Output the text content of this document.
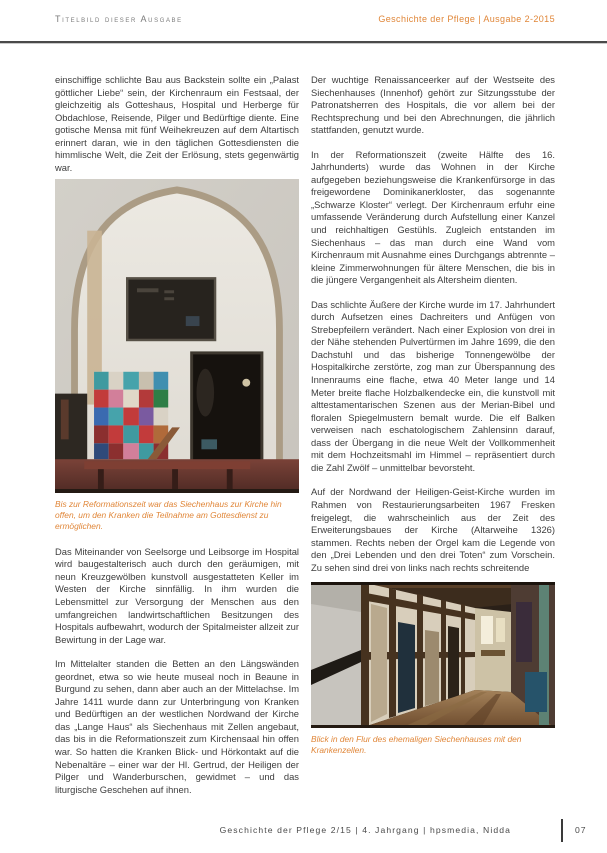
Titelbild dieser Ausgabe	Geschichte der Pflege | Ausgabe 2-2015

einschiffige schlichte Bau aus Backstein sollte ein „Palast göttlicher Liebe“ sein, der Kirchenraum ein Festsaal, der gleichzeitig als Gotteshaus, Hospital und Herberge für Obdachlose, Reisende, Pilger und Bedürftige diente. Eine gotische Mensa mit fünf Weihekreuzen auf dem Altartisch erinnert daran, wie in den täglichen Gottesdiensten die himmlische Welt, die Zeit der Erlösung, stets gegenwärtig war.

Bis zur Reformationszeit war das Siechenhaus zur Kirche hin offen, um den Kranken die Teilnahme am Gottesdienst zu ermöglichen.

Das Miteinander von Seelsorge und Leibsorge im Hospital wird baugestalterisch auch durch den geräumigen, mit neun Kreuzgewölben kunstvoll ausgestatteten Keller im Westen der Kirche sinnfällig. In ihm wurden die Lebensmittel zur Versorgung der Menschen aus den umfangreichen landwirtschaftlichen Besitzungen des Hospitals aufbewahrt, wodurch der Spitalmeister allzeit zur Bewirtung in der Lage war.

Im Mittelalter standen die Betten an den Längswänden geordnet, etwa so wie heute museal noch in Beaune in Burgund zu sehen, dann aber auch an der Mittelachse. Im Jahre 1411 wurde dann zur Unterbringung von Kranken und Bedürftigen an der westlichen Nordwand der Kirche das „Lange Haus“ als Siechenhaus mit Zellen angebaut, das bis in die Reformationszeit zum Kirchensaal hin offen war. So hatten die Kranken Blick- und Hörkontakt auf die Nebenaltäre – einer war der Hl. Gertrud, der Heiligen der Pilger und Wanderburschen, gewidmet – und das liturgische Geschehen auf ihnen.

Der wuchtige Renaissanceerker auf der Westseite des Siechenhauses (Innenhof) gehört zur Sitzungsstube der Patronatsherren des Hospitals, die vor allem bei der Rechtsprechung und bei den Abrechnungen, die jährlich stattfanden, genutzt wurde.

In der Reformationszeit (zweite Hälfte des 16. Jahrhunderts) wurde das Wohnen in der Kirche aufgegeben beziehungsweise die Krankenfürsorge in das freigewordene Dominikanerkloster, das sogenannte „Schwarze Kloster“ verlegt. Der Kirchenraum erfuhr eine umfassende Veränderung durch Aufstellung einer Kanzel und reichhaltigen Gestühls. Zugleich entstanden im Siechenhaus – das man durch eine Wand vom Kirchenraum mit Ausnahme eines Durchgangs abtrennte – kleine Zimmerwohnungen für ältere Menschen, die bis in die jüngere Vergangenheit als Altersheim dienten.

Das schlichte Äußere der Kirche wurde im 17. Jahrhundert durch Aufsetzen eines Dachreiters und Anfügen von Strebepfeilern verändert. Nach einer Explosion von drei in der Nähe stehenden Pulvertürmen im Jahre 1699, die den Dachstuhl und das bisherige Tonnengewölbe der Hospitalkirche zerstörte, zog man zur Überspannung des Innenraums eine flache, etwa 40 Meter lange und 14 Meter breite flache Holzbalkendecke ein, die kunstvoll mit alttestamentarischen Szenen aus der Merian-Bibel und floralen Spiegelmustern bemalt wurde. Die elf Balken verweisen nach eschatologischem Zahlensinn darauf, dass der Übergang in die neue Welt der Vollkommenheit mit dem Hochzeitsmahl im Himmel – repräsentiert durch die Zahl Zwölf – unmittelbar bevorsteht.

Auf der Nordwand der Heiligen-Geist-Kirche wurden im Rahmen von Restaurierungsarbeiten 1967 Fresken freigelegt, die wahrscheinlich aus der Zeit des Erweiterungsbaues der Kirche (Altarweihe 1326) stammen. Rechts neben der Orgel kam die Legende von den „Drei Lebenden und den drei Toten“ zum Vorschein. Zu sehen sind drei von links nach rechts schreitende

Blick in den Flur des ehemaligen Siechenhauses mit den Krankenzellen.

Geschichte der Pflege 2/15 | 4. Jahrgang | hpsmedia, Nidda	07
